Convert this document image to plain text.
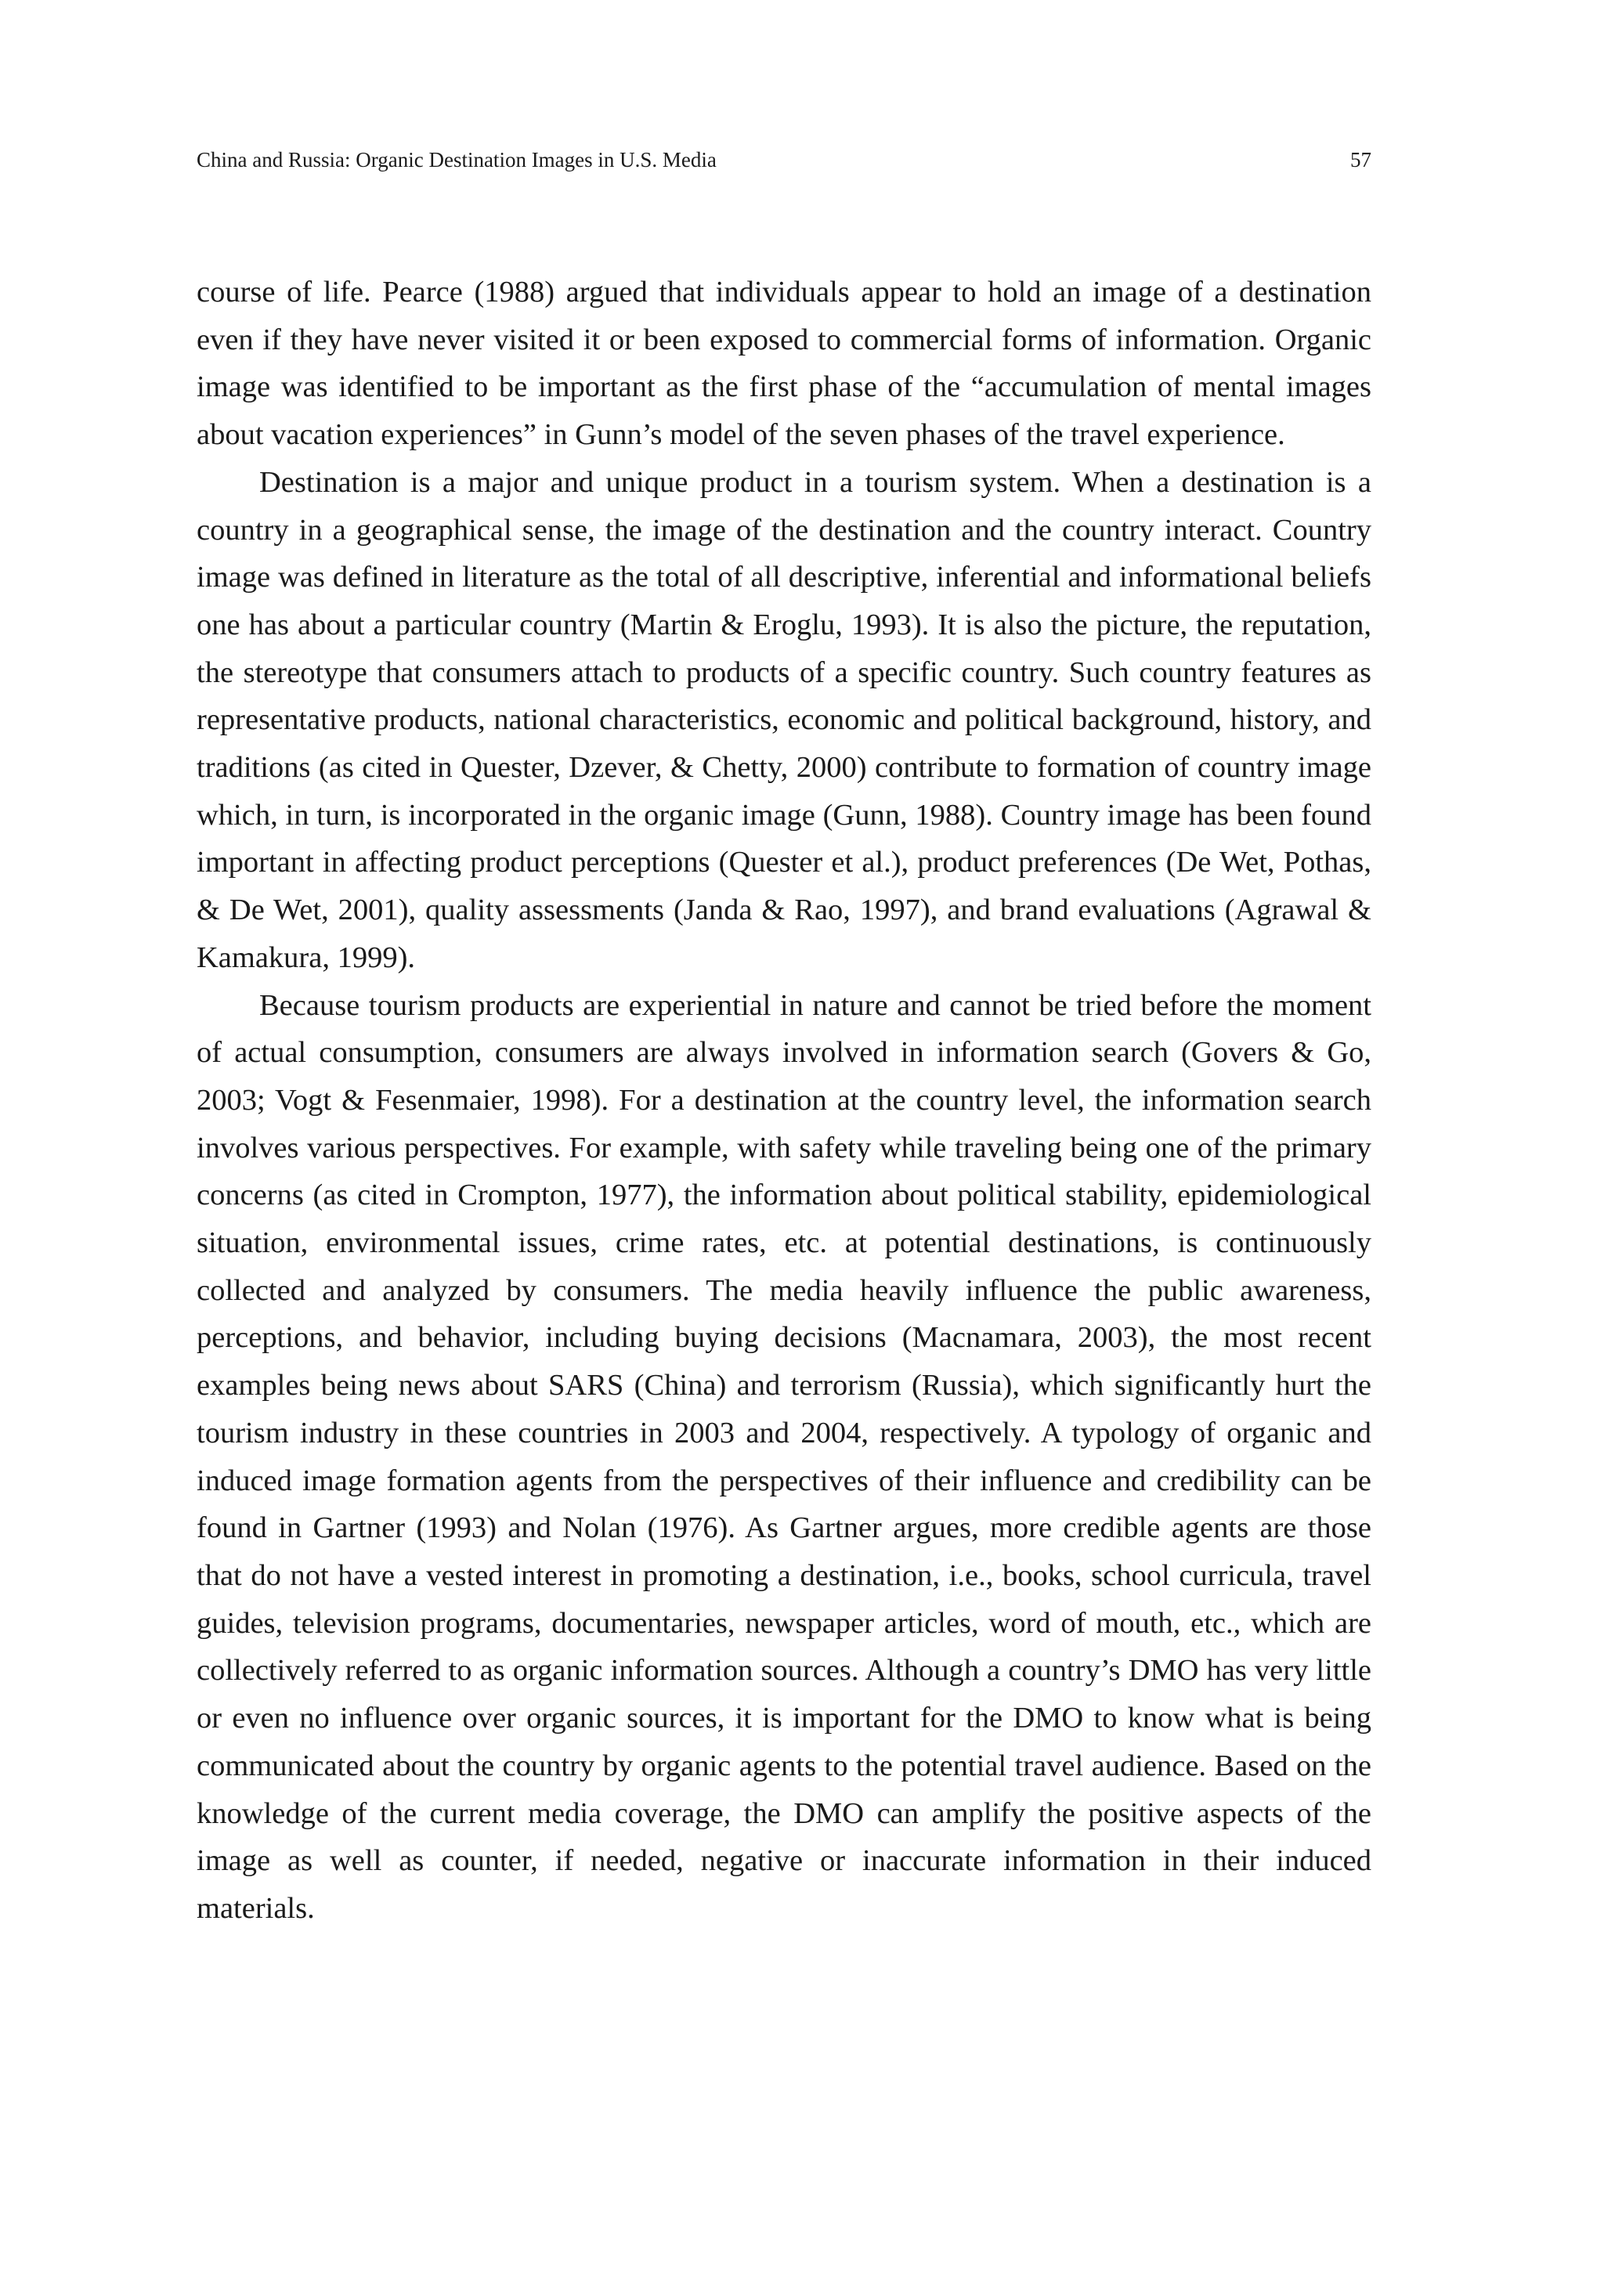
China and Russia: Organic Destination Images in U.S. Media	57

course of life. Pearce (1988) argued that individuals appear to hold an image of a destination even if they have never visited it or been exposed to commercial forms of information. Organic image was identified to be important as the first phase of the “accumulation of mental images about vacation experiences” in Gunn’s model of the seven phases of the travel experience.

Destination is a major and unique product in a tourism system. When a destination is a country in a geographical sense, the image of the destination and the country interact. Country image was defined in literature as the total of all descriptive, inferential and informational beliefs one has about a particular country (Martin & Eroglu, 1993). It is also the picture, the reputation, the stereotype that consumers attach to products of a specific country. Such country features as representative products, national characteristics, economic and political background, history, and traditions (as cited in Quester, Dzever, & Chetty, 2000) contribute to formation of country image which, in turn, is incorporated in the organic image (Gunn, 1988). Country image has been found important in affecting product perceptions (Quester et al.), product preferences (De Wet, Pothas, & De Wet, 2001), quality assessments (Janda & Rao, 1997), and brand evaluations (Agrawal & Kamakura, 1999).

Because tourism products are experiential in nature and cannot be tried before the moment of actual consumption, consumers are always involved in information search (Govers & Go, 2003; Vogt & Fesenmaier, 1998). For a destination at the country level, the information search involves various perspectives. For example, with safety while traveling being one of the primary concerns (as cited in Crompton, 1977), the information about political stability, epidemiological situation, environmental issues, crime rates, etc. at potential destinations, is continuously collected and analyzed by consumers. The media heavily influence the public awareness, perceptions, and behavior, including buying decisions (Macnamara, 2003), the most recent examples being news about SARS (China) and terrorism (Russia), which significantly hurt the tourism industry in these countries in 2003 and 2004, respectively. A typology of organic and induced image formation agents from the perspectives of their influence and credibility can be found in Gartner (1993) and Nolan (1976). As Gartner argues, more credible agents are those that do not have a vested interest in promoting a destination, i.e., books, school curricula, travel guides, television programs, documentaries, newspaper articles, word of mouth, etc., which are collectively referred to as organic information sources. Although a country’s DMO has very little or even no influence over organic sources, it is important for the DMO to know what is being communicated about the country by organic agents to the potential travel audience. Based on the knowledge of the current media coverage, the DMO can amplify the positive aspects of the image as well as counter, if needed, negative or inaccurate information in their induced materials.
